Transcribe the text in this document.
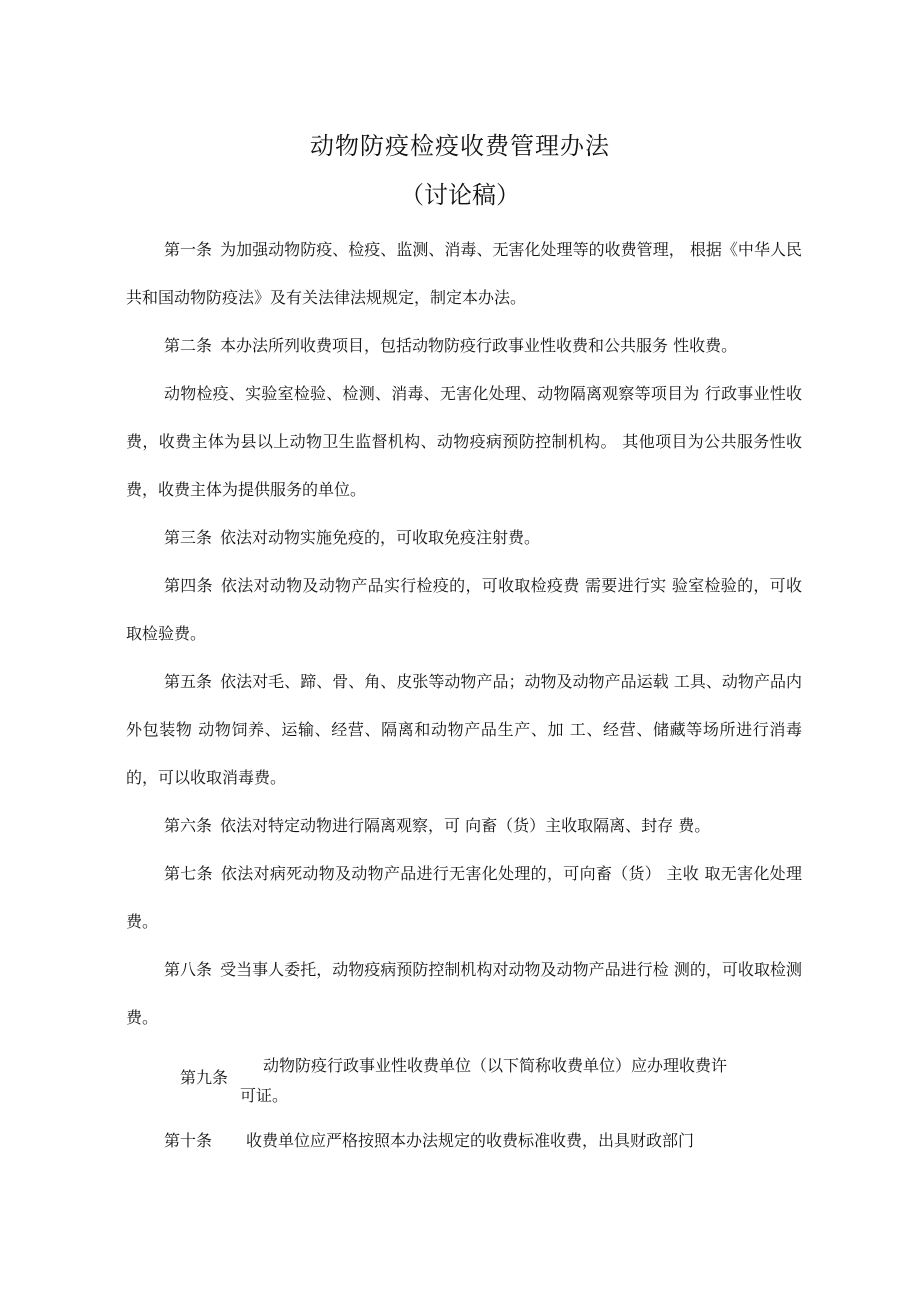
动物防疫检疫收费管理办法
（讨论稿）
第一条 为加强动物防疫、检疫、监测、消毒、无害化处理等的收费管理， 根据《中华人民共和国动物防疫法》及有关法律法规规定，制定本办法。
第二条 本办法所列收费项目，包括动物防疫行政事业性收费和公共服务 性收费。
动物检疫、实验室检验、检测、消毒、无害化处理、动物隔离观察等项目为 行政事业性收费，收费主体为县以上动物卫生监督机构、动物疫病预防控制机构。 其他项目为公共服务性收费，收费主体为提供服务的单位。
第三条 依法对动物实施免疫的，可收取免疫注射费。
第四条 依法对动物及动物产品实行检疫的，可收取检疫费 需要进行实 验室检验的，可收取检验费。
第五条 依法对毛、蹄、骨、角、皮张等动物产品；动物及动物产品运载 工具、动物产品内外包装物 动物饲养、运输、经营、隔离和动物产品生产、加 工、经营、储藏等场所进行消毒的，可以收取消毒费。
第六条 依法对特定动物进行隔离观察，可 向畜（货）主收取隔离、封存 费。
第七条 依法对病死动物及动物产品进行无害化处理的，可向畜（货） 主收 取无害化处理费。
第八条 受当事人委托，动物疫病预防控制机构对动物及动物产品进行检 测的，可收取检测费。
第九条
动物防疫行政事业性收费单位（以下简称收费单位）应办理收费许
可证。
第十条 收费单位应严格按照本办法规定的收费标准收费，出具财政部门
